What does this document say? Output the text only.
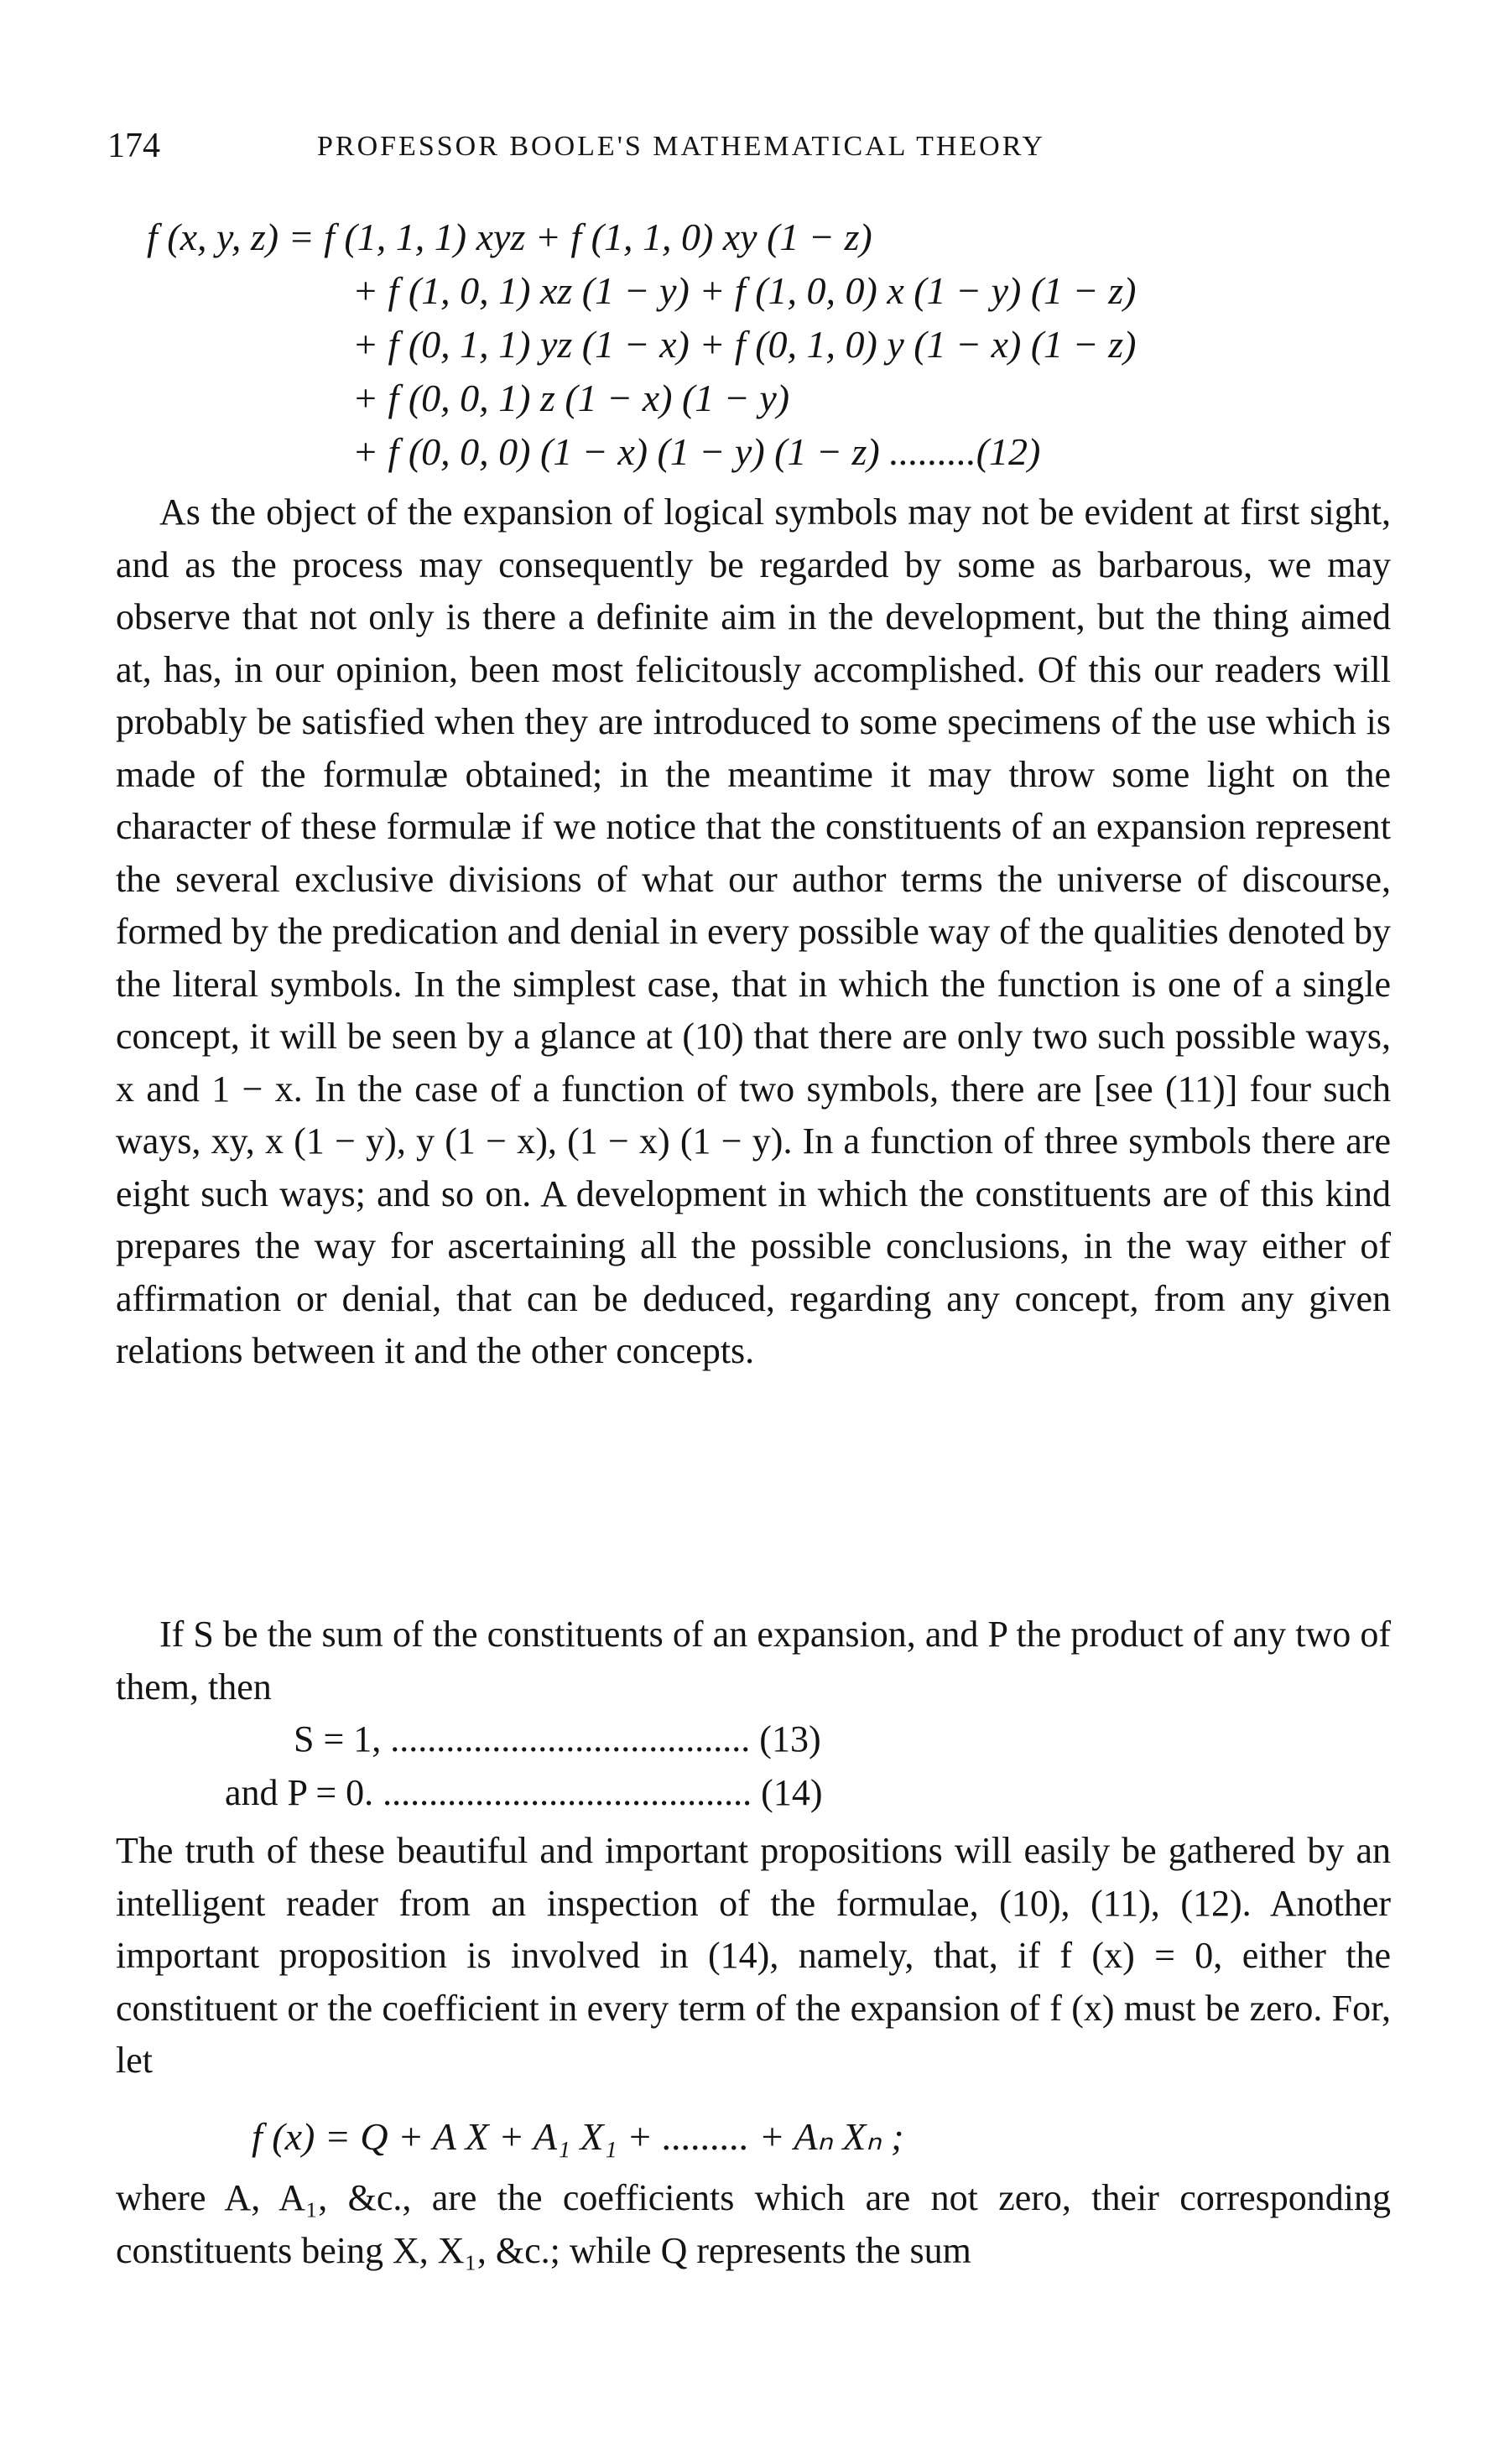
174	PROFESSOR BOOLE'S MATHEMATICAL THEORY
f (x, y, z) = f (1, 1, 1) xyz + f (1, 1, 0) xy (1 − z)
+ f (1, 0, 1) xz (1 − y) + f (1, 0, 0) x (1 − y) (1 − z)
+ f (0, 1, 1) yz (1 − x) + f (0, 1, 0) y (1 − x) (1 − z)
+ f (0, 0, 1) z (1 − x) (1 − y)
+ f (0, 0, 0) (1 − x) (1 − y) (1 − z) .........(12)
As the object of the expansion of logical symbols may not be evident at first sight, and as the process may consequently be regarded by some as barbarous, we may observe that not only is there a definite aim in the development, but the thing aimed at, has, in our opinion, been most felicitously accomplished. Of this our readers will probably be satisfied when they are introduced to some specimens of the use which is made of the formulæ obtained; in the meantime it may throw some light on the character of these formulæ if we notice that the constituents of an expansion represent the several exclusive divisions of what our author terms the universe of discourse, formed by the predication and denial in every possible way of the qualities denoted by the literal symbols. In the simplest case, that in which the function is one of a single concept, it will be seen by a glance at (10) that there are only two such possible ways, x and 1 − x. In the case of a function of two symbols, there are [see (11)] four such ways, xy, x (1 − y), y (1 − x), (1 − x) (1 − y). In a function of three symbols there are eight such ways; and so on. A development in which the constituents are of this kind prepares the way for ascertaining all the possible conclusions, in the way either of affirmation or denial, that can be deduced, regarding any concept, from any given relations between it and the other concepts.
If S be the sum of the constituents of an expansion, and P the product of any two of them, then
S = 1, ....................................... (13)
and P = 0. ........................................ (14)
The truth of these beautiful and important propositions will easily be gathered by an intelligent reader from an inspection of the formulae, (10), (11), (12). Another important proposition is involved in (14), namely, that, if f (x) = 0, either the constituent or the coefficient in every term of the expansion of f (x) must be zero. For, let
f (x) = Q + A X + A₁ X₁ + ......... + Aₙ Xₙ ;
where A, A₁, &c., are the coefficients which are not zero, their corresponding constituents being X, X₁, &c.; while Q represents the sum
